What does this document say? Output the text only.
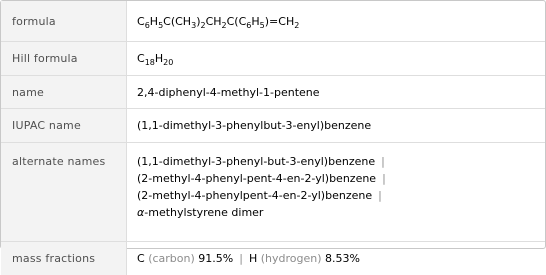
formula	$C_6H_5C(CH_3)_2CH_2C(C_6H_5)=CH_2$
Hill formula	$C_{18}H_{20}$
name	2,4-diphenyl-4-methyl-1-pentene
IUPAC name	(1,1-dimethyl-3-phenylbut-3-enyl)benzene
alternate names	(1,1-dimethyl-3-phenyl-but-3-enyl)benzene |
(2-methyl-4-phenyl-pent-4-en-2-yl)benzene |
(2-methyl-4-phenylpent-4-en-2-yl)benzene |
α-methylstyrene dimer

mass fractions	C (carbon) 91.5% | H (hydrogen) 8.53%
